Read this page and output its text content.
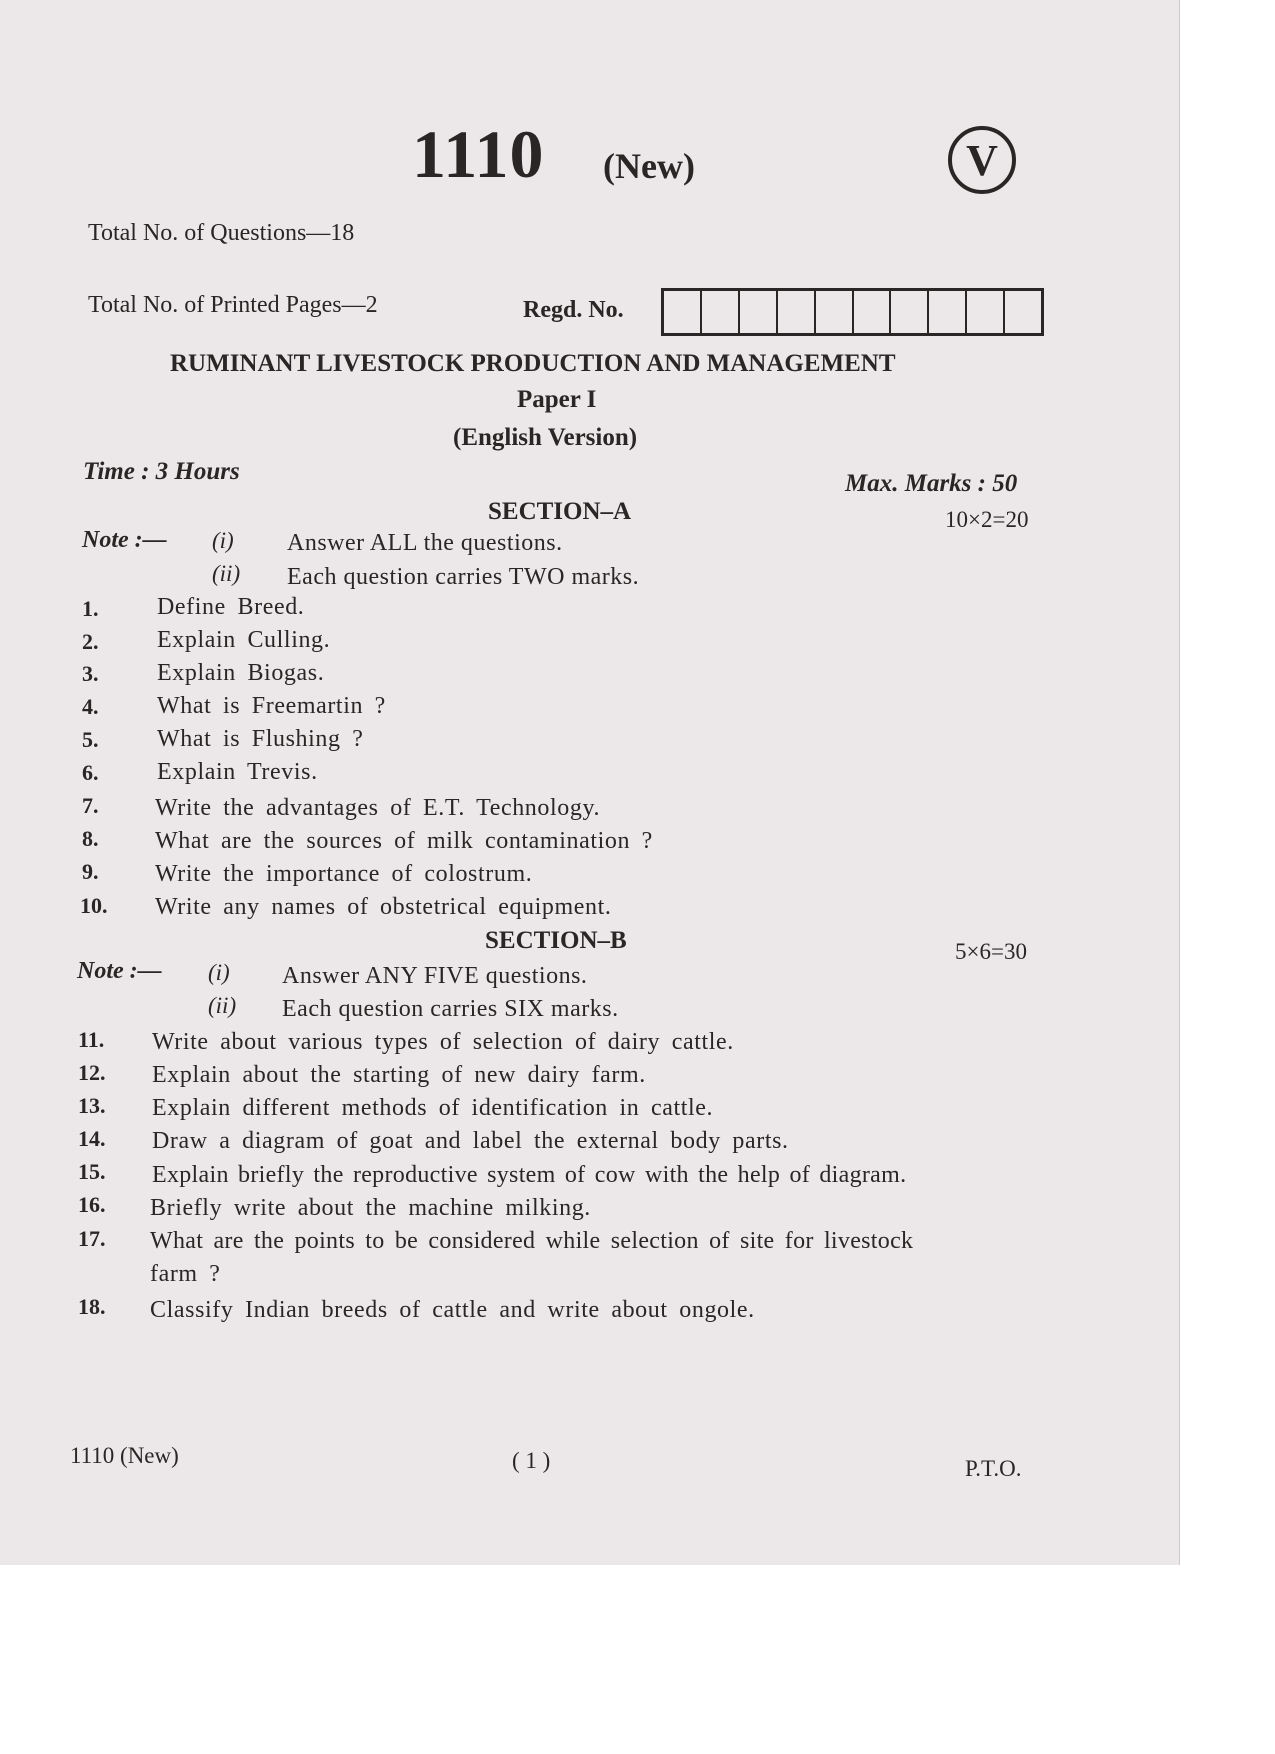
1110 (New)	V
Total No. of Questions—18
Total No. of Printed Pages—2	Regd. No.
RUMINANT LIVESTOCK PRODUCTION AND MANAGEMENT
Paper I
(English Version)
Time : 3 Hours	Max. Marks : 50
SECTION–A	10×2=20
Note :— (i) Answer ALL the questions.
(ii) Each question carries TWO marks.
1. Define Breed.
2. Explain Culling.
3. Explain Biogas.
4. What is Freemartin ?
5. What is Flushing ?
6. Explain Trevis.
7. Write the advantages of E.T. Technology.
8. What are the sources of milk contamination ?
9. Write the importance of colostrum.
10. Write any names of obstetrical equipment.
SECTION–B	5×6=30
Note :— (i) Answer ANY FIVE questions.
(ii) Each question carries SIX marks.
11. Write about various types of selection of dairy cattle.
12. Explain about the starting of new dairy farm.
13. Explain different methods of identification in cattle.
14. Draw a diagram of goat and label the external body parts.
15. Explain briefly the reproductive system of cow with the help of diagram.
16. Briefly write about the machine milking.
17. What are the points to be considered while selection of site for livestock
farm ?
18. Classify Indian breeds of cattle and write about ongole.
1110 (New)	( 1 )	P.T.O.
